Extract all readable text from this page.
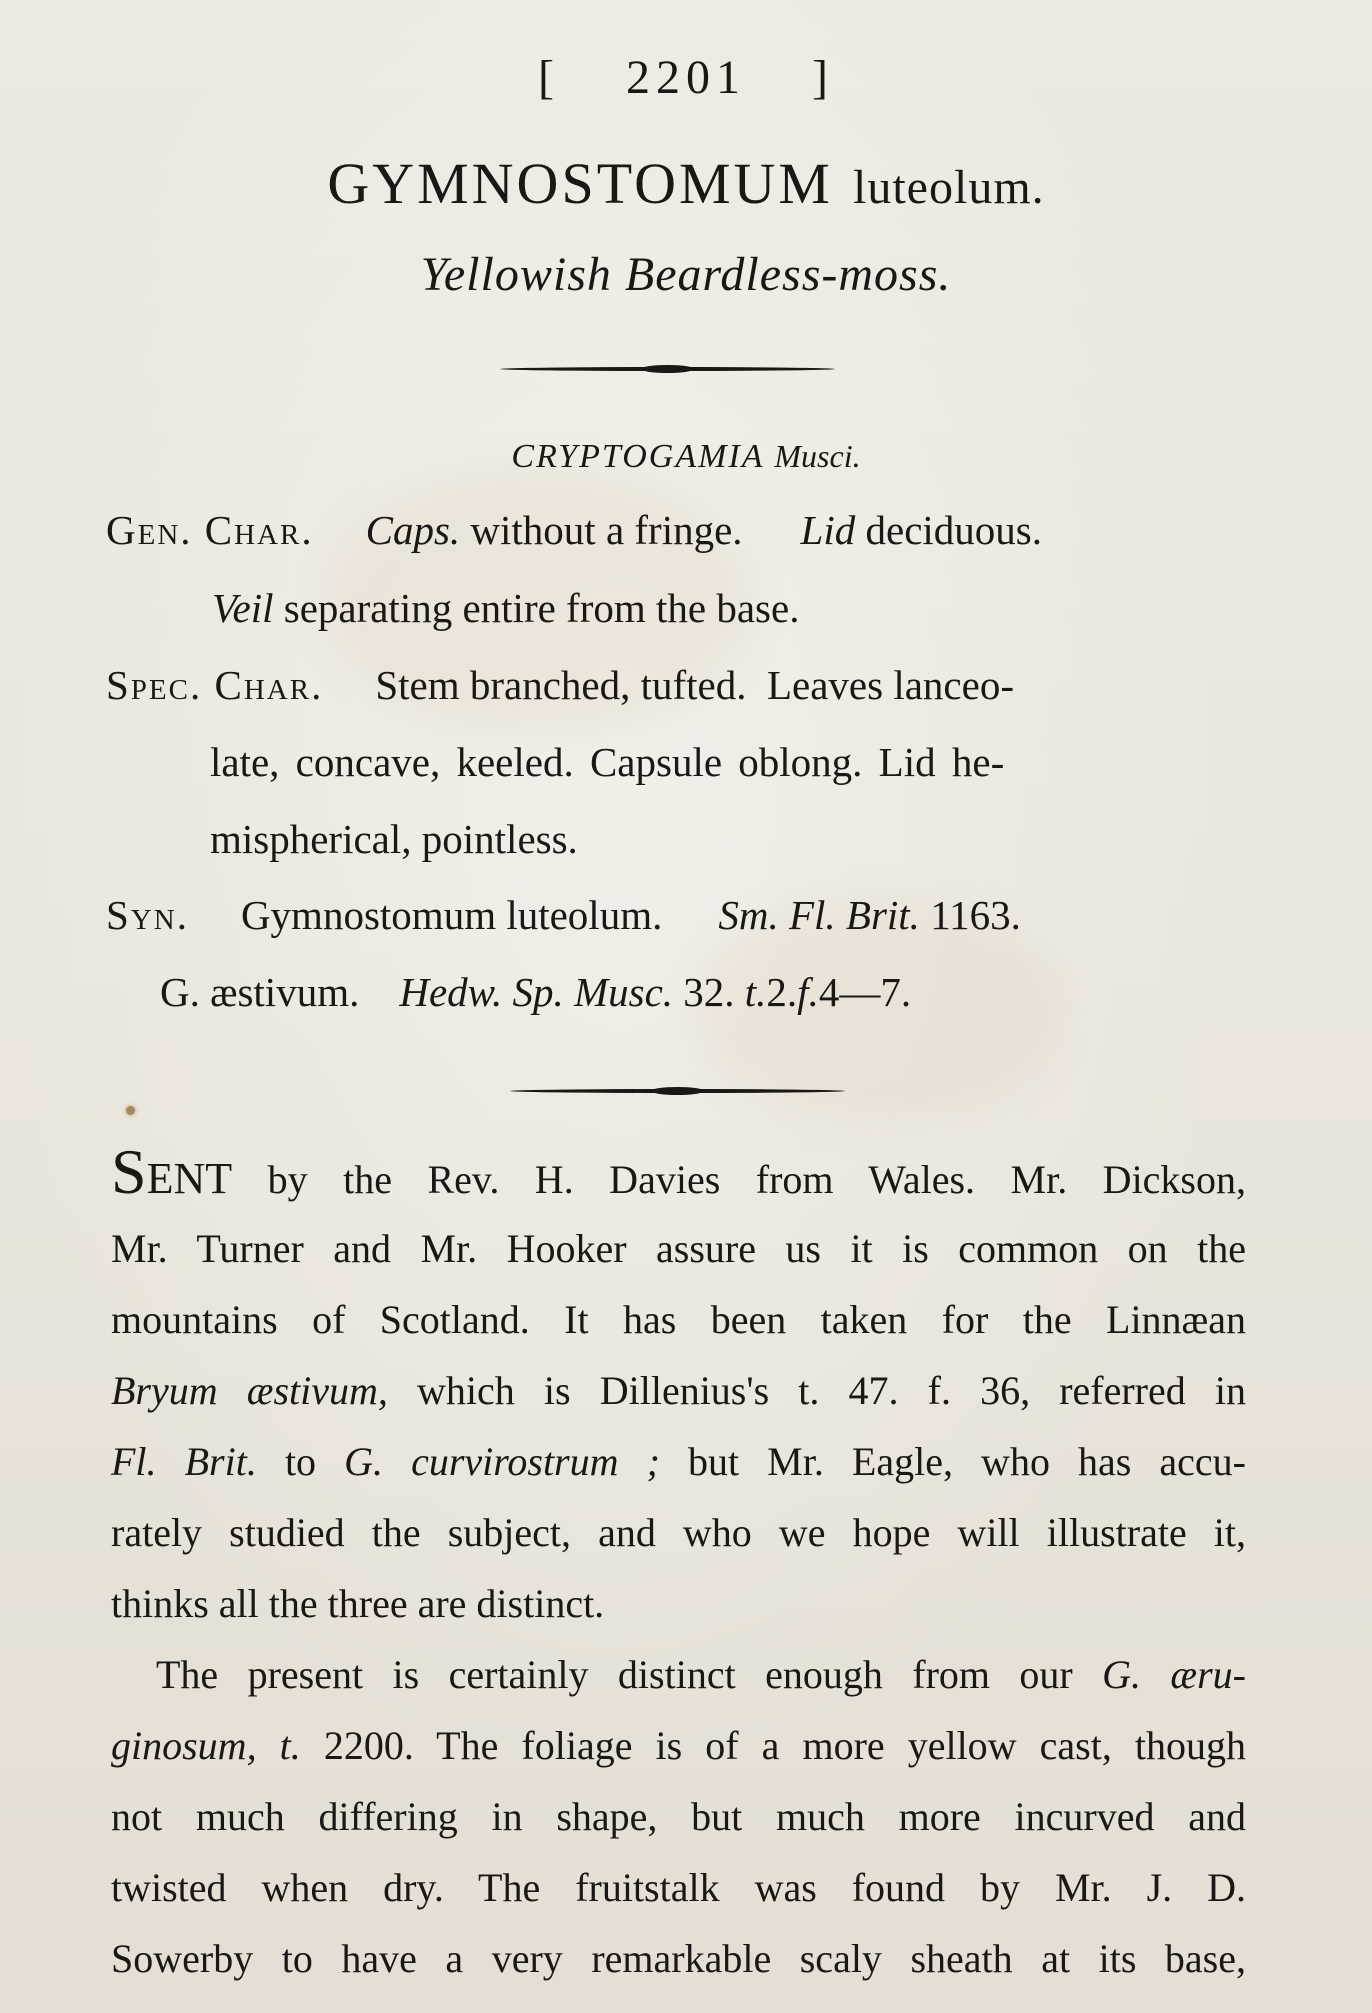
[ 2201 ]
GYMNOSTOMUM luteolum.
Yellowish Beardless-moss.
CRYPTOGAMIA Musci.
Gen. Char. Caps. without a fringe. Lid deciduous.
Veil separating entire from the base.
Spec. Char. Stem branched, tufted.  Leaves lanceo-
late, concave, keeled. Capsule oblong. Lid he-
mispherical, pointless.
Syn. Gymnostomum luteolum. Sm. Fl. Brit. 1163.
G. æstivum. Hedw. Sp. Musc. 32. t.2.f.4—7.
SENT by the Rev. H. Davies from Wales. Mr. Dickson,
Mr. Turner and Mr. Hooker assure us it is common on the
mountains of Scotland. It has been taken for the Linnæan
Bryum æstivum, which is Dillenius's t. 47. f. 36, referred in
Fl. Brit. to G. curvirostrum ; but Mr. Eagle, who has accu-
rately studied the subject, and who we hope will illustrate it,
thinks all the three are distinct.
The present is certainly distinct enough from our G. æru-
ginosum, t. 2200. The foliage is of a more yellow cast, though
not much differing in shape, but much more incurved and
twisted when dry. The fruitstalk was found by Mr. J. D.
Sowerby to have a very remarkable scaly sheath at its base,
